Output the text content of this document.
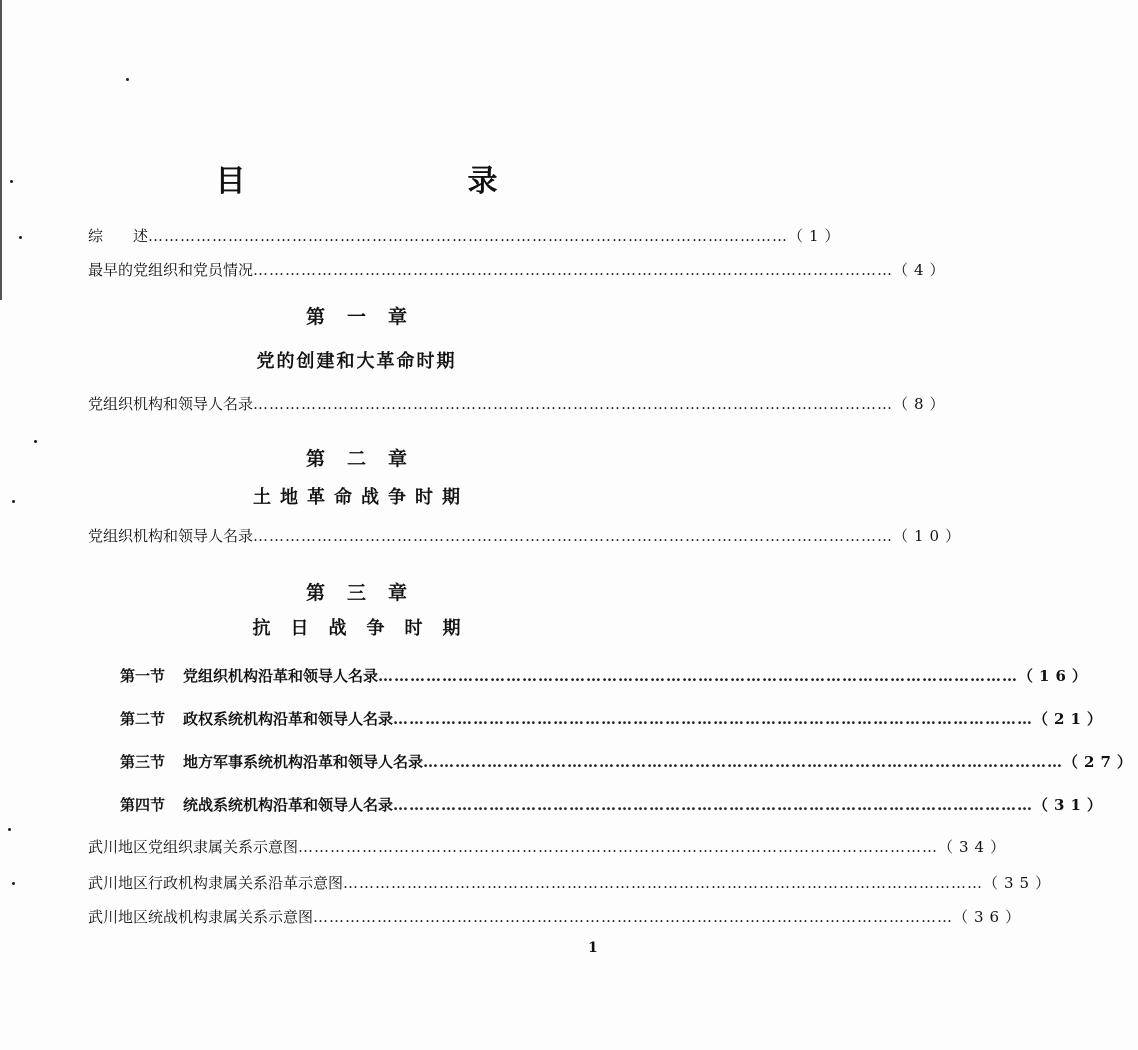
目　录
综　　述 ………………………………………………………………………………………………………… （1）
最早的党组织和党员情况 ………………………………………………………………………………………………………… （4）
第一章
党的创建和大革命时期
党组织机构和领导人名录 ………………………………………………………………………………………………………… （8）
第二章
土地革命战争时期
党组织机构和领导人名录 ………………………………………………………………………………………………………… （10）
第三章
抗日战争时期
第一节 党组织机构沿革和领导人名录 ………………………………………………………………………………………………………… （16）
第二节 政权系统机构沿革和领导人名录 ………………………………………………………………………………………………………… （21）
第三节 地方军事系统机构沿革和领导人名录 ………………………………………………………………………………………………………… （27）
第四节 统战系统机构沿革和领导人名录 ………………………………………………………………………………………………………… （31）
武川地区党组织隶属关系示意图 ………………………………………………………………………………………………………… （34）
武川地区行政机构隶属关系沿革示意图 ………………………………………………………………………………………………………… （35）
武川地区统战机构隶属关系示意图 ………………………………………………………………………………………………………… （36）
1
